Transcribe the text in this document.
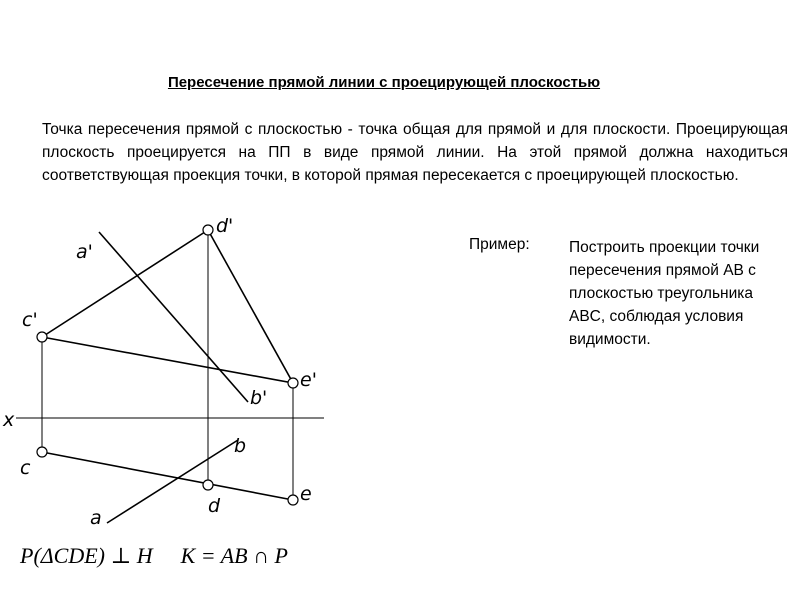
Пересечение прямой линии с проецирующей плоскостью
Точка пересечения прямой с плоскостью - точка общая для прямой и для плоскости. Проецирующая плоскость проецируется на ПП в виде прямой линии. На этой прямой должна находиться соответствующая проекция точки, в которой прямая пересекается с проецирующей плоскостью.
Пример:	Построить проекции точки пересечения прямой AB с плоскостью треугольника ABC, соблюдая условия видимости.
x
a'
d'
c'
e'
b'
b
c
e
d
a
P(ΔCDE) ⊥ H K = AB ∩ P
